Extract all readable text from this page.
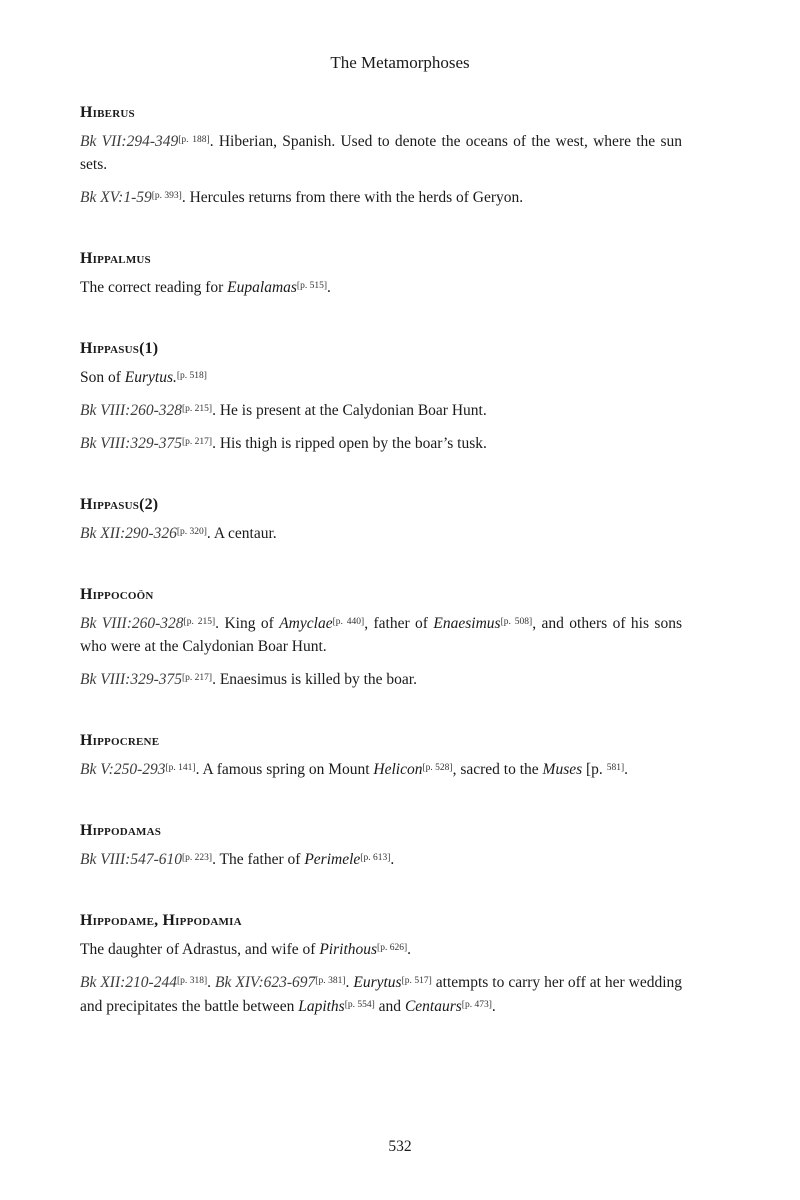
The Metamorphoses
Hiberus
Bk VII:294-349[p. 188]. Hiberian, Spanish. Used to denote the oceans of the west, where the sun sets.
Bk XV:1-59[p. 393]. Hercules returns from there with the herds of Geryon.
Hippalmus
The correct reading for Eupalamas[p. 515].
Hippasus(1)
Son of Eurytus.[p. 518]
Bk VIII:260-328[p. 215]. He is present at the Calydonian Boar Hunt.
Bk VIII:329-375[p. 217]. His thigh is ripped open by the boar’s tusk.
Hippasus(2)
Bk XII:290-326[p. 320]. A centaur.
Hippocoön
Bk VIII:260-328[p. 215]. King of Amyclae[p. 440], father of Enaesimus[p. 508], and others of his sons who were at the Calydonian Boar Hunt.
Bk VIII:329-375[p. 217]. Enaesimus is killed by the boar.
Hippocrene
Bk V:250-293[p. 141]. A famous spring on Mount Helicon[p. 528], sacred to the Muses [p. $^{581]}$.
Hippodamas
Bk VIII:547-610[p. 223]. The father of Perimele[p. 613].
Hippodame, Hippodamia
The daughter of Adrastus, and wife of Pirithous[p. 626].
Bk XII:210-244[p. 318]. Bk XIV:623-697[p. 381]. Eurytus[p. 517] attempts to carry her off at her wedding and precipitates the battle between Lapiths[p. 554] and Centaurs[p. 473].
532
